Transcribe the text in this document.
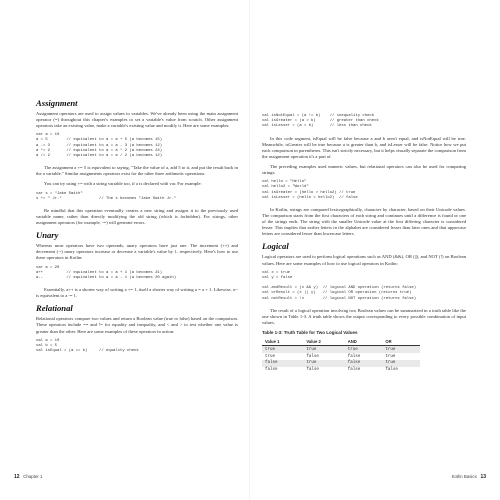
Assignment

Assignment operators are used to assign values to variables. We've already been using the main assignment operator (=) throughout this chapter's examples to set a variable's value from scratch. Other assignment operators take an existing value, make a variable's existing value and modify it. Here are some examples:

var a = 10
a = 5        // equivalent to a = a + 5 (a becomes 15)
a -= 3       // equivalent to a = a - 3 (a becomes 12)
a *= 2       // equivalent to a = a * 2 (a becomes 24)
a /= 2       // equivalent to a = a / 2 (a becomes 12)

The assignment a += 5 is equivalent to saying, "Take the value of a, add 5 to it, and put the result back in the a variable." Similar assignments operators exist for the other three arithmetic operations.

You can try using += with a string variable too, if a is declared with var. For example:

var s = "Jake Smith"
s += " Jr."                // The s becomes "Jake Smith Jr."

Be mindful that this operation eventually creates a new string and assigns it to the previously used variable name, rather than directly modifying the old string (which is forbidden). For strings, other assignment operators (for example, -=) will generate errors.

Unary

Whereas most operators have two operands, unary operators have just one. The increment (++) and decrement (--) unary operators increase or decrease a variable's value by 1, respectively. Here's how to use these operators in Kotlin:

var a = 20
a++          // equivalent to a = a + 1 (a becomes 21)
a--          // equivalent to a = a - 1 (a becomes 20 again)

Essentially, a++ is a shorter way of writing a += 1, itself a shorter way of writing a = a + 1. Likewise, a-- is equivalent to a -= 1.

Relational

Relational operators compare two values and return a Boolean value (true or false) based on the comparison. These operators include == and != for equality and inequality, and < and > to test whether one value is greater than the other. Here are some examples of these operators in action:

val a = 10
val b = 5
val isEqual = (a == b)     // equality check
12 Chapter 1
val isNotEqual = (a != b)    // inequality check
val isGreater = (a > b)      // greater than check
val isLesser = (a < b)       // less than check

In this code segment, isEqual will be false because a and b aren't equal, and isNotEqual will be true. Meanwhile, isGreater will be true because a is greater than b, and isLesser will be false. Notice how we put each comparison in parentheses. This isn't strictly necessary, but it helps visually separate the comparison from the assignment operation it's a part of.

The preceding examples used numeric values, but relational operators can also be used for comparing strings:

val hello = "Hello"
val hello2 = "World"
val isGreater = (hello > hello2) // true
val isLesser = (hello < hello2)  // false

In Kotlin, strings are compared lexicographically, character by character, based on their Unicode values. The comparison starts from the first characters of each string and continues until a difference is found or one of the strings ends. The string with the smaller Unicode value at the first differing character is considered lesser. This implies that earlier letters in the alphabet are considered lesser than later ones and that uppercase letters are considered lesser than lowercase letters.

Logical

Logical operators are used to perform logical operations such as AND (&&), OR (||), and NOT (!) on Boolean values. Here are some examples of how to use logical operators in Kotlin:

val x = true
val y = false

val andResult = (x && y)  // logical AND operation (returns false)
val orResult = (x || y)   // logical OR operation (returns true)
val notResult = !x        // logical NOT operation (returns false)

The result of a logical operation involving two Boolean values can be summarized in a truth table like the one shown in Table 1-3. A truth table shows the output corresponding to every possible combination of input values.

Table 1-3: Truth Table for Two Logical Values
Value 1	Value 2	AND	OR
true	true	true	true
true	false	false	true
false	true	false	true
false	false	false	false
Kotlin Basics 13
